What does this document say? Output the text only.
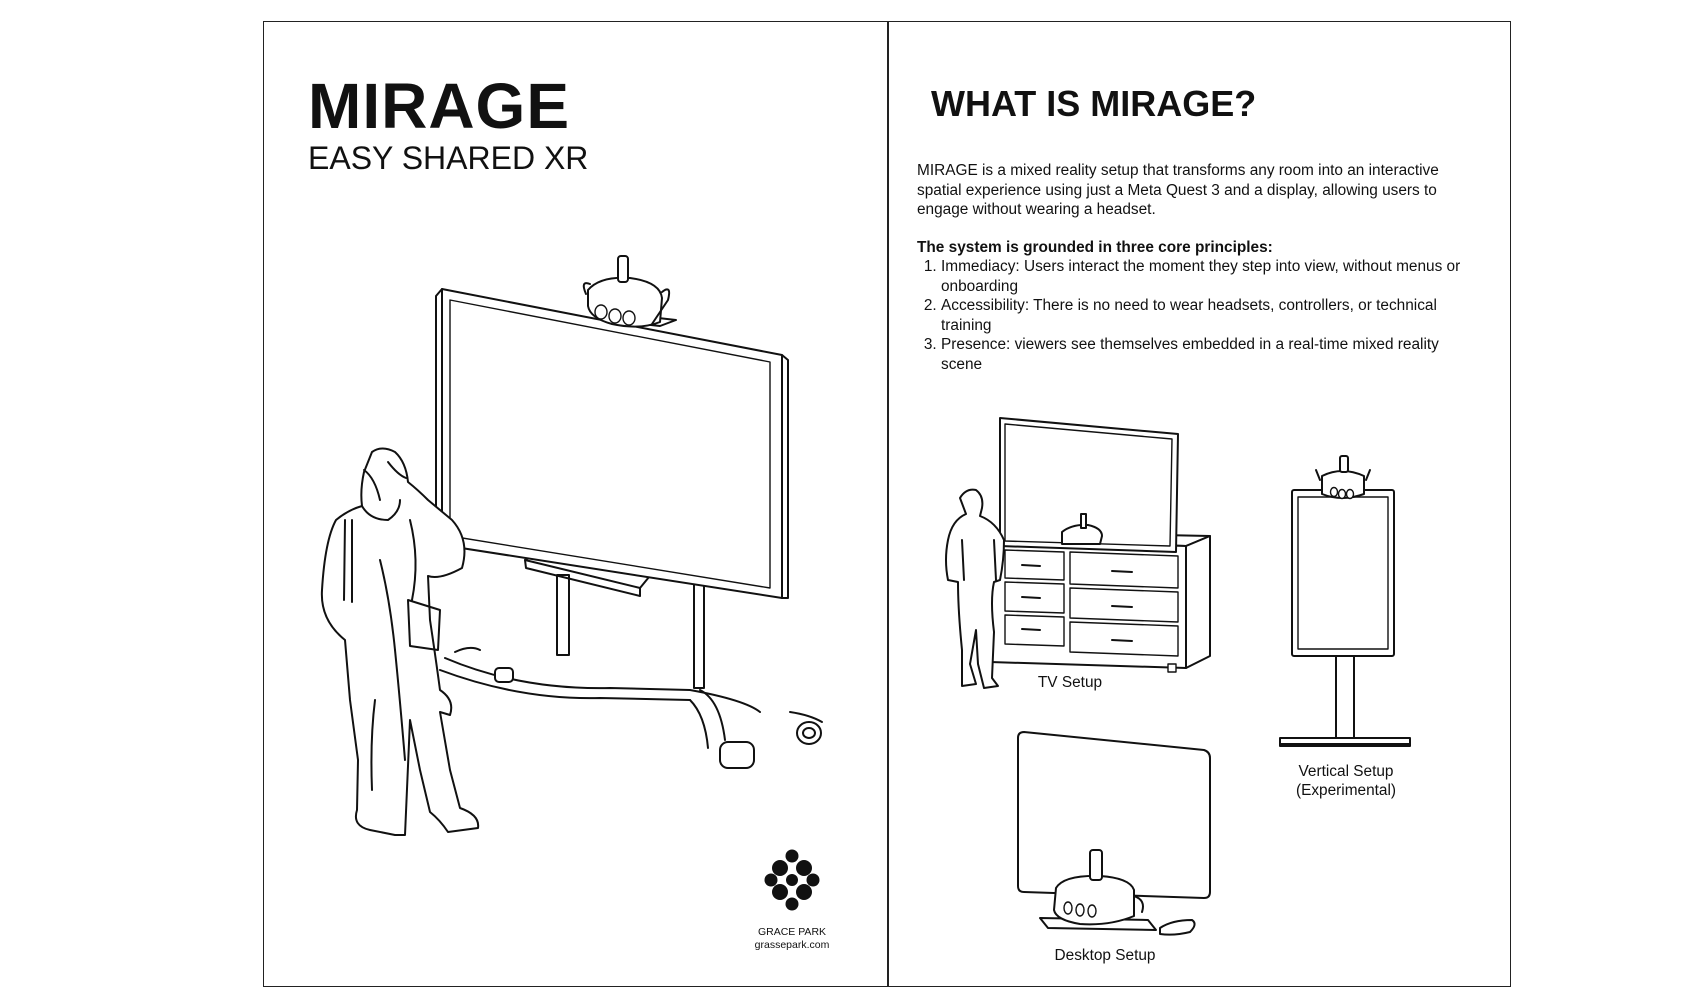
MIRAGE
EASY SHARED XR

GRACE PARK

grassepark.com

WHAT IS MIRAGE?

MIRAGE is a mixed reality setup that transforms any room into an interactive spatial experience using just a Meta Quest 3 and a display, allowing users to engage without wearing a headset.

The system is grounded in three core principles:

1. Immediacy: Users interact the moment they step into view, without menus or onboarding
2. Accessibility: There is no need to wear headsets, controllers, or technical training
3. Presence: viewers see themselves embedded in a real-time mixed reality scene

TV Setup

Vertical Setup
(Experimental)

Desktop Setup
